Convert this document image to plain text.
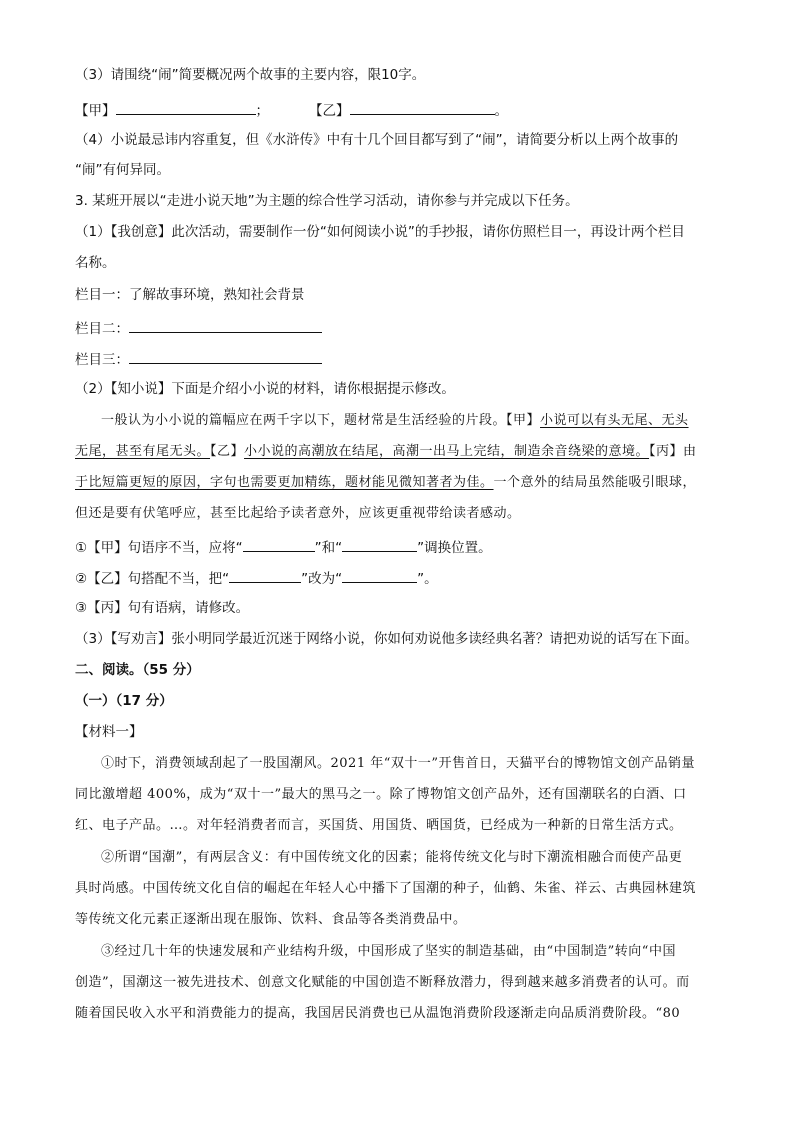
（3）请围绕“闹”简要概况两个故事的主要内容，限10字。
【甲】	；	【乙】	。
（4）小说最忌讳内容重复，但《水浒传》中有十几个回目都写到了“闹”，请简要分析以上两个故事的
“闹”有何异同。
3. 某班开展以“走进小说天地”为主题的综合性学习活动，请你参与并完成以下任务。
（1）【我创意】此次活动，需要制作一份“如何阅读小说”的手抄报，请你仿照栏目一，再设计两个栏目
名称。
栏目一：了解故事环境，熟知社会背景
栏目二：
栏目三：
（2）【知小说】下面是介绍小小说的材料，请你根据提示修改。
一般认为小小说的篇幅应在两千字以下，题材常是生活经验的片段。【甲】小说可以有头无尾、无头
无尾，甚至有尾无头。【乙】小小说的高潮放在结尾，高潮一出马上完结，制造余音绕梁的意境。【丙】由
于比短篇更短的原因，字句也需要更加精练，题材能见微知著者为佳。一个意外的结局虽然能吸引眼球，
但还是要有伏笔呼应，甚至比起给予读者意外，应该更重视带给读者感动。
①【甲】句语序不当，应将“	”和“	”调换位置。
②【乙】句搭配不当，把“	”改为“	”。
③【丙】句有语病，请修改。
（3）【写劝言】张小明同学最近沉迷于网络小说，你如何劝说他多读经典名著？请把劝说的话写在下面。
二、阅读。（55 分）
（一）（17 分）
【材料一】
①时下，消费领域刮起了一股国潮风。2021 年“双十一”开售首日，天猫平台的博物馆文创产品销量
同比激增超 400%，成为“双十一”最大的黑马之一。除了博物馆文创产品外，还有国潮联名的白酒、口
红、电子产品。…。对年轻消费者而言，买国货、用国货、晒国货，已经成为一种新的日常生活方式。
②所谓“国潮”，有两层含义：有中国传统文化的因素；能将传统文化与时下潮流相融合而使产品更
具时尚感。中国传统文化自信的崛起在年轻人心中播下了国潮的种子，仙鹤、朱雀、祥云、古典园林建筑
等传统文化元素正逐渐出现在服饰、饮料、食品等各类消费品中。
③经过几十年的快速发展和产业结构升级，中国形成了坚实的制造基础，由“中国制造”转向“中国
创造”，国潮这一被先进技术、创意文化赋能的中国创造不断释放潜力，得到越来越多消费者的认可。而
随着国民收入水平和消费能力的提高，我国居民消费也已从温饱消费阶段逐渐走向品质消费阶段。“80
